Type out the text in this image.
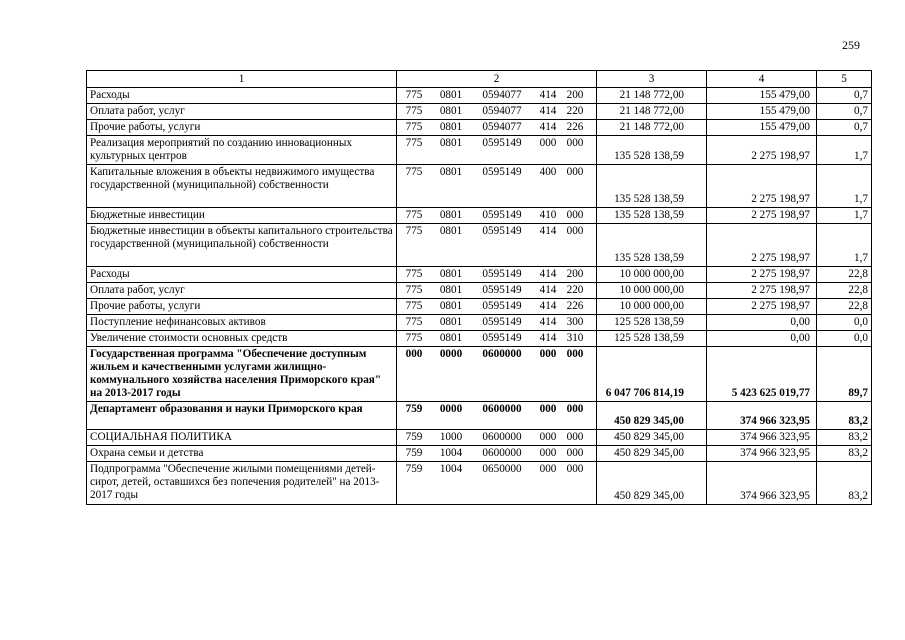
259
1	2	3	4	5
Расходы	775 0801 0594077 414 200	21 148 772,00	155 479,00	0,7
Оплата работ, услуг	775 0801 0594077 414 220	21 148 772,00	155 479,00	0,7
Прочие работы, услуги	775 0801 0594077 414 226	21 148 772,00	155 479,00	0,7
Реализация мероприятий по созданию инновационных культурных центров	775 0801 0595149 000 000	135 528 138,59	2 275 198,97	1,7
Капитальные вложения в объекты недвижимого имущества государственной (муниципальной) собственности	775 0801 0595149 400 000	135 528 138,59	2 275 198,97	1,7
Бюджетные инвестиции	775 0801 0595149 410 000	135 528 138,59	2 275 198,97	1,7
Бюджетные инвестиции в объекты капитального строительства государственной (муниципальной) собственности	775 0801 0595149 414 000	135 528 138,59	2 275 198,97	1,7
Расходы	775 0801 0595149 414 200	10 000 000,00	2 275 198,97	22,8
Оплата работ, услуг	775 0801 0595149 414 220	10 000 000,00	2 275 198,97	22,8
Прочие работы, услуги	775 0801 0595149 414 226	10 000 000,00	2 275 198,97	22,8
Поступление нефинансовых активов	775 0801 0595149 414 300	125 528 138,59	0,00	0,0
Увеличение стоимости основных средств	775 0801 0595149 414 310	125 528 138,59	0,00	0,0
Государственная программа "Обеспечение доступным жильем и качественными услугами жилищно-коммунального хозяйства населения Приморского края" на 2013-2017 годы	000 0000 0600000 000 000	6 047 706 814,19	5 423 625 019,77	89,7
Департамент образования и науки Приморского края	759 0000 0600000 000 000	450 829 345,00	374 966 323,95	83,2
СОЦИАЛЬНАЯ ПОЛИТИКА	759 1000 0600000 000 000	450 829 345,00	374 966 323,95	83,2
Охрана семьи и детства	759 1004 0600000 000 000	450 829 345,00	374 966 323,95	83,2
Подпрограмма "Обеспечение жилыми помещениями детей-сирот, детей, оставшихся без попечения родителей" на 2013-2017 годы	759 1004 0650000 000 000	450 829 345,00	374 966 323,95	83,2
